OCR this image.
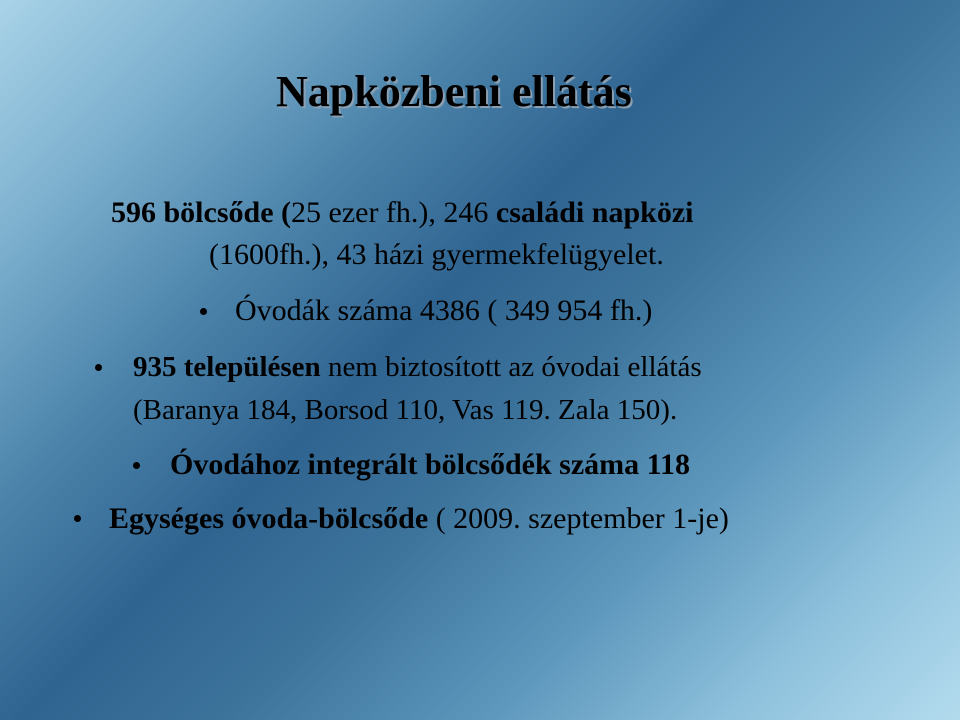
Napközbeni ellátás
596 bölcsőde (25 ezer fh.), 246 családi napközi
(1600fh.), 43 házi gyermekfelügyelet.
Óvodák száma 4386 ( 349 954 fh.)
935 településen nem biztosított az óvodai ellátás
(Baranya 184, Borsod 110, Vas 119. Zala 150).
Óvodához integrált bölcsődék száma 118
Egységes óvoda-bölcsőde ( 2009. szeptember 1-je)
